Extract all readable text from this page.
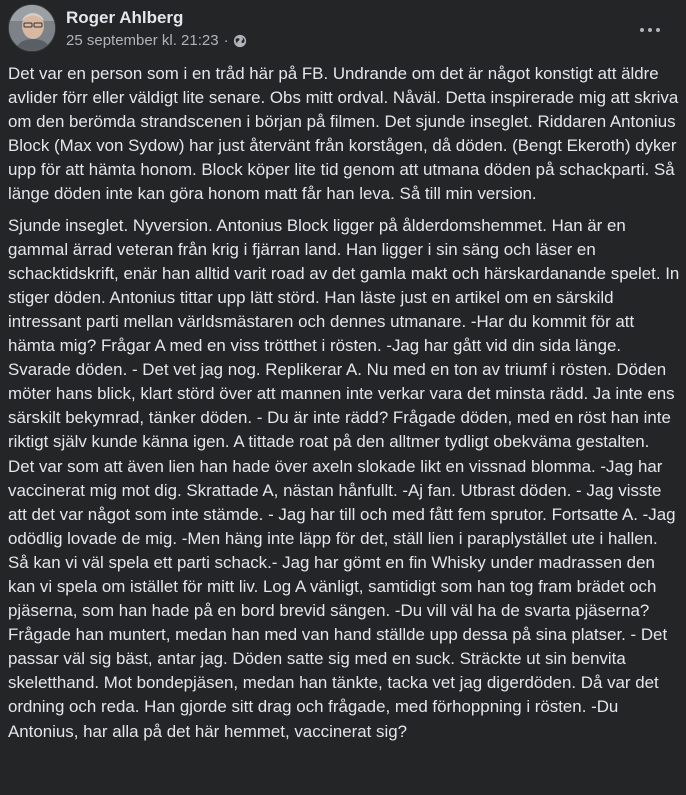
Roger Ahlberg
25 september kl. 21:23 ·

Det var en person som i en tråd här på FB. Undrande om det är något konstigt att äldre avlider förr eller väldigt lite senare. Obs mitt ordval. Nåväl. Detta inspirerade mig att skriva om den berömda strandscenen i början på filmen. Det sjunde inseglet. Riddaren Antonius Block (Max von Sydow) har just återvänt från korstågen, då döden. (Bengt Ekeroth) dyker upp för att hämta honom. Block köper lite tid genom att utmana döden på schackparti. Så länge döden inte kan göra honom matt får han leva. Så till min version.

Sjunde inseglet. Nyversion. Antonius Block ligger på ålderdomshemmet. Han är en gammal ärrad veteran från krig i fjärran land. Han ligger i sin säng och läser en schacktidskrift, enär han alltid varit road av det gamla makt och härskardanande spelet. In stiger döden. Antonius tittar upp lätt störd. Han läste just en artikel om en särskild intressant parti mellan världsmästaren och dennes utmanare. -Har du kommit för att hämta mig? Frågar A med en viss trötthet i rösten. -Jag har gått vid din sida länge. Svarade döden. - Det vet jag nog. Replikerar A. Nu med en ton av triumf i rösten. Döden möter hans blick, klart störd över att mannen inte verkar vara det minsta rädd. Ja inte ens särskilt bekymrad, tänker döden. - Du är inte rädd? Frågade döden, med en röst han inte riktigt själv kunde känna igen. A tittade roat på den alltmer tydligt obekväma gestalten. Det var som att även lien han hade över axeln slokade likt en vissnad blomma. -Jag har vaccinerat mig mot dig. Skrattade A, nästan hånfullt. -Aj fan. Utbrast döden. - Jag visste att det var något som inte stämde. - Jag har till och med fått fem sprutor. Fortsatte A. -Jag odödlig lovade de mig. -Men häng inte läpp för det, ställ lien i paraplystället ute i hallen. Så kan vi väl spela ett parti schack.- Jag har gömt en fin Whisky under madrassen den kan vi spela om istället för mitt liv. Log A vänligt, samtidigt som han tog fram brädet och pjäserna, som han hade på en bord brevid sängen. -Du vill väl ha de svarta pjäserna? Frågade han muntert, medan han med van hand ställde upp dessa på sina platser. - Det passar väl sig bäst, antar jag. Döden satte sig med en suck. Sträckte ut sin benvita skeletthand. Mot bondepjäsen, medan han tänkte, tacka vet jag digerdöden. Då var det ordning och reda. Han gjorde sitt drag och frågade, med förhoppning i rösten. -Du Antonius, har alla på det här hemmet, vaccinerat sig?
